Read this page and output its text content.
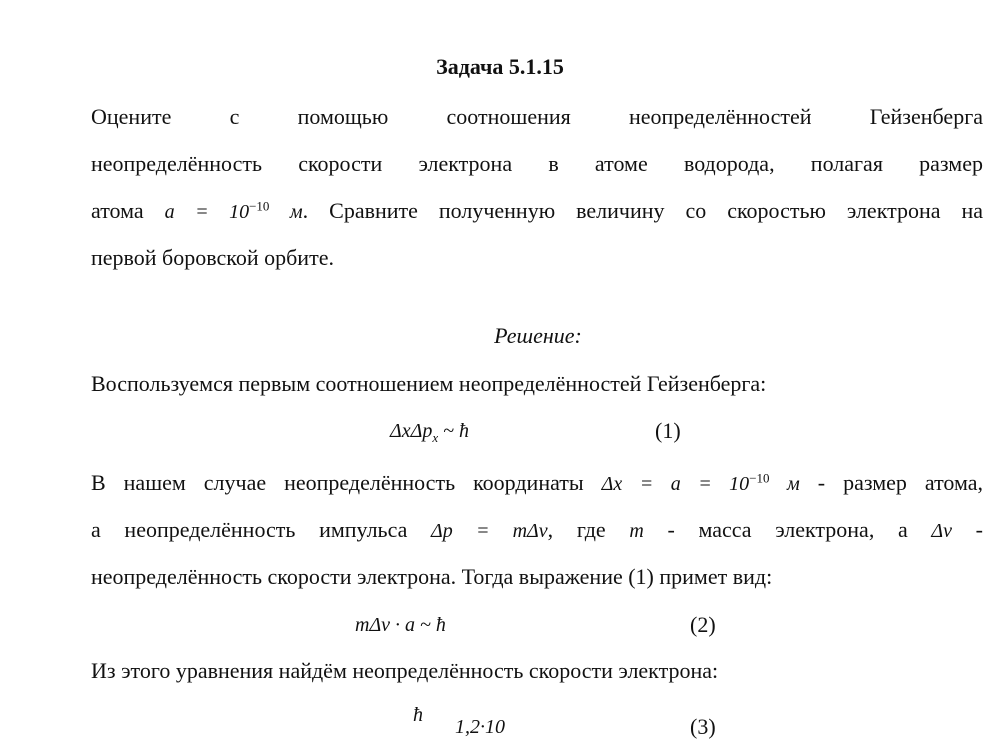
Задача 5.1.15
Оцените с помощью соотношения неопределённостей Гейзенберга
неопределённость скорости электрона в атоме водорода, полагая размер
атома $a = 10^{-10}$ м. Сравните полученную величину со скоростью электрона на
первой боровской орбите.
Решение:
Воспользуемся первым соотношением неопределённостей Гейзенберга:
ΔxΔp$_x$ ~ ħ	(1)
В нашем случае неопределённость координаты $\Delta x = a = 10^{-10}$ м - размер атома,
а неопределённость импульса Δp = mΔv, где m - масса электрона, а Δv -
неопределённость скорости электрона. Тогда выражение (1) примет вид:
mΔv · a ~ ħ	(2)
Из этого уравнения найдём неопределённость скорости электрона:
ħ
1,2·10	(3)
